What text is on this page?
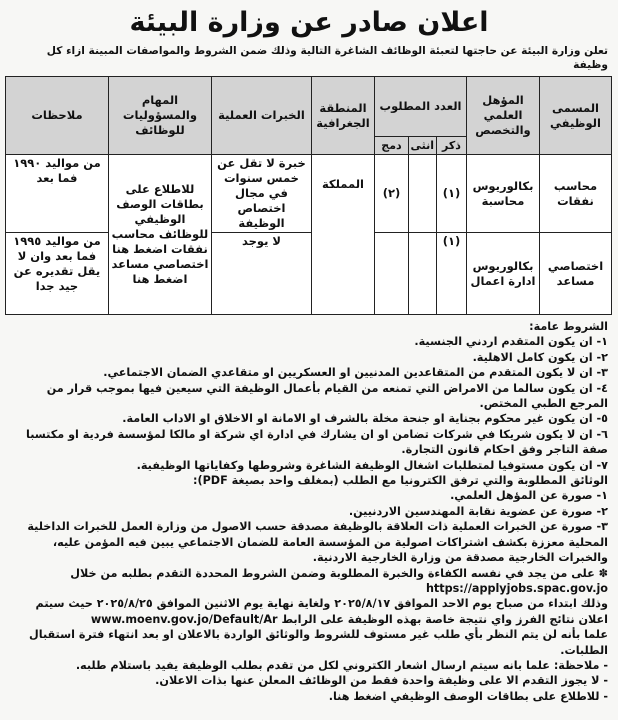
اعلان صادر عن وزارة البيئة
تعلن وزارة البيئة عن حاجتها لتعبئة الوظائف الشاغرة التالية وذلك ضمن الشروط والمواصفات المبينة ازاء كل وظيفة
المسمى الوظيفي	المؤهل العلمي والتخصص	العدد المطلوب			المنطقة الجغرافية	الخبرات العملية	المهام والمسؤوليات للوظائف	ملاحظات
		ذكر	انثى	دمج				
محاسب نفقات	بكالوريوس محاسبة	(١)		(٢)	المملكة	خبرة لا تقل عن خمس سنوات في مجال اختصاص الوظيفة	للاطلاع على بطاقات الوصف الوظيفي للوظائف محاسب نفقات اضغط هنا اختصاصي مساعد اضغط هنا	من مواليد ١٩٩٠ فما بعد
اختصاصي مساعد	بكالوريوس ادارة اعمال	(١)				لا يوجد		من مواليد ١٩٩٥ فما بعد وان لا يقل تقديره عن جيد جدا

الشروط عامة:

١- ان يكون المتقدم اردني الجنسية.

٢- ان يكون كامل الاهلية.

٣- ان لا يكون المتقدم من المتقاعدين المدنيين او العسكريين او متقاعدي الضمان الاجتماعي.

٤- ان يكون سالما من الامراض التي تمنعه من القيام بأعمال الوظيفة التي سيعين فيها بموجب قرار من المرجع الطبي المختص.

٥- ان يكون غير محكوم بجناية او جنحة مخلة بالشرف او الامانة او الاخلاق او الاداب العامة.

٦- ان لا يكون شريكا في شركات تضامن او ان يشارك في ادارة اي شركة او مالكا لمؤسسة فردية او مكتسبا صفة التاجر وفق احكام قانون التجارة.

٧- ان يكون مستوفيا لمتطلبات اشغال الوظيفة الشاغرة وشروطها وكفاياتها الوظيفية.

الوثائق المطلوبة والتي ترفق الكترونيا مع الطلب (بمغلف واحد بصيغة PDF):

١- صورة عن المؤهل العلمي.

٢- صورة عن عضوية نقابة المهندسين الاردنيين.

٣- صورة عن الخبرات العملية ذات العلاقة بالوظيفة مصدقة حسب الاصول من وزارة العمل للخبرات الداخلية المحلية معززة بكشف اشتراكات اصولية من المؤسسة العامة للضمان الاجتماعي يبين فيه المؤمن عليه، والخبرات الخارجية مصدقة من وزارة الخارجية الاردنية.

✽ على من يجد في نفسه الكفاءة والخبرة المطلوبة وضمن الشروط المحددة التقدم بطلبه من خلال https://applyjobs.spac.gov.jo

وذلك ابتداء من صباح يوم الاحد الموافق ٢٠٢٥/٨/١٧ ولغاية نهاية يوم الاثنين الموافق ٢٠٢٥/٨/٢٥ حيث سيتم اعلان نتائج الفرز واي نتيجة خاصة بهذه الوظيفة على الرابط www.moenv.gov.jo/Default/Ar

علما بأنه لن يتم النظر بأي طلب غير مستوف للشروط والوثائق الواردة بالاعلان او بعد انتهاء فترة استقبال الطلبات.

- ملاحظة: علما بانه سيتم ارسال اشعار الكتروني لكل من تقدم بطلب الوظيفة يفيد باستلام طلبه.

- لا يجوز التقدم الا على وظيفة واحدة فقط من الوظائف المعلن عنها بذات الاعلان.

- للاطلاع على بطاقات الوصف الوظيفي اضغط هنا.
